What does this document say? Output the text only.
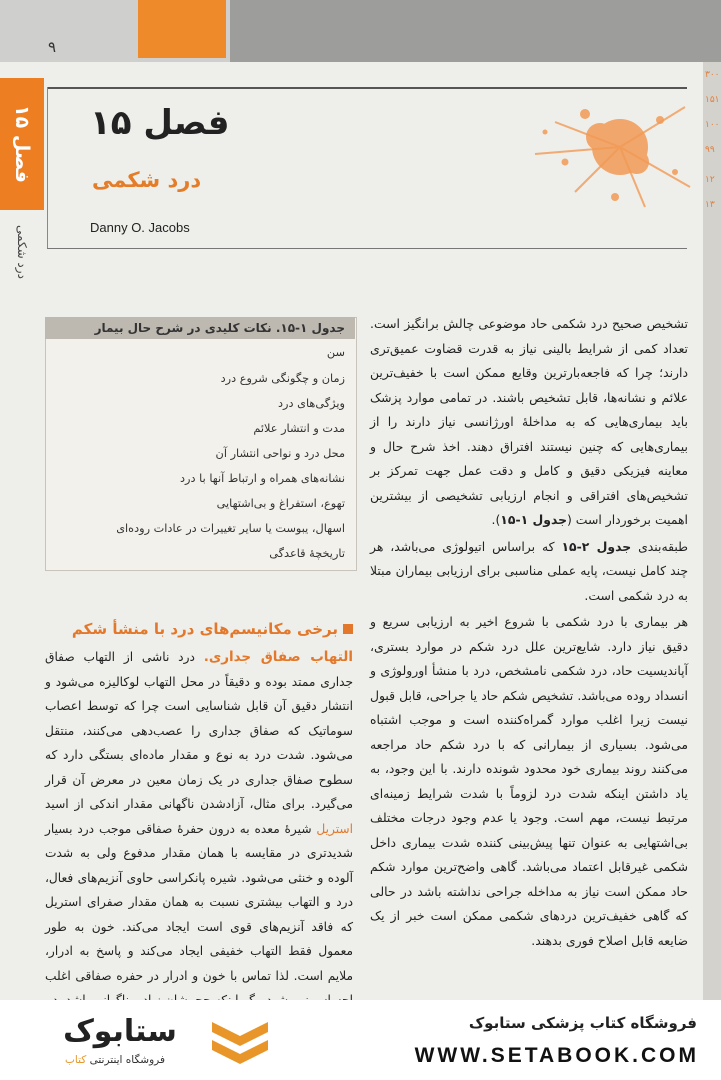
۹
۳۰۰
۱۵۱
۱۰۰
۹۹
۱۲
۱۳
فصل ۱۵
درد شکمی
فصل ۱۵
درد شکمی
Danny O. Jacobs

تشخیص صحیح درد شکمی حاد موضوعی چالش برانگیز است. تعداد کمی از شرایط بالینی نیاز به قدرت قضاوت عمیق‌تری دارند؛ چرا که فاجعه‌بارترین وقایع ممکن است با خفیف‌ترین علائم و نشانه‌ها، قابل تشخیص باشند. در تمامی موارد پزشک باید بیماری‌هایی که به مداخلهٔ اورژانسی نیاز دارند را از بیماری‌هایی که چنین نیستند افتراق دهند. اخذ شرح حال و معاینه فیزیکی دقیق و کامل و دقت عمل جهت تمرکز بر تشخیص‌های افتراقی و انجام ارزیابی تشخیصی از بیشترین اهمیت برخوردار است (جدول ۱-۱۵).

طبقه‌بندی جدول ۲-۱۵ که براساس اتیولوژی می‌باشد، هر چند کامل نیست، پایه عملی مناسبی برای ارزیابی بیماران مبتلا به درد شکمی است.

هر بیماری با درد شکمی با شروع اخیر به ارزیابی سریع و دقیق نیاز دارد. شایع‌ترین علل درد شکم در موارد بستری، آپاندیسیت حاد، درد شکمی نامشخص، درد با منشأ اورولوژی و انسداد روده می‌باشد. تشخیص شکم حاد یا جراحی، قابل قبول نیست زیرا اغلب موارد گمراه‌کننده است و موجب اشتباه می‌شود. بسیاری از بیمارانی که با درد شکم حاد مراجعه می‌کنند روند بیماری خود محدود شونده دارند. با این وجود، به یاد داشتن اینکه شدت درد لزوماً با شدت شرایط زمینه‌ای مرتبط نیست، مهم است. وجود یا عدم وجود درجات مختلف بی‌اشتهایی به عنوان تنها پیش‌بینی کننده شدت بیماری داخل شکمی غیرقابل اعتماد می‌باشد. گاهی واضح‌ترین موارد شکم حاد ممکن است نیاز به مداخله جراحی نداشته باشد در حالی که گاهی خفیف‌ترین دردهای شکمی ممکن است خبر از یک ضایعه قابل اصلاح فوری بدهند.

جدول ۱-۱۵. نکات کلیدی در شرح حال بیمار
سن
زمان و چگونگی شروع درد
ویژگی‌های درد
مدت و انتشار علائم
محل درد و نواحی انتشار آن
نشانه‌های همراه و ارتباط آنها با درد
تهوع، استفراغ و بی‌اشتهایی
اسهال، یبوست یا سایر تغییرات در عادات روده‌ای
تاریخچهٔ قاعدگی
برخی مکانیسم‌های درد با منشأ شکم

التهاب صفاق جداری. درد ناشی از التهاب صفاق جداری ممتد بوده و دقیقاً در محل التهاب لوکالیزه می‌شود و انتشار دقیق آن قابل شناسایی است چرا که توسط اعصاب سوماتیک که صفاق جداری را عصب‌دهی می‌کنند، منتقل می‌شود. شدت درد به نوع و مقدار ماده‌ای بستگی دارد که سطوح صفاق جداری در یک زمان معین در معرض آن قرار می‌گیرد. برای مثال، آزادشدن ناگهانی مقدار اندکی از اسید استریل شیرهٔ معده به درون حفرهٔ صفاقی موجب درد بسیار شدیدتری در مقایسه با همان مقدار مدفوع ولی به شدت آلوده و خنثی می‌شود. شیره پانکراسی حاوی آنزیم‌های فعال، درد و التهاب بیشتری نسبت به همان مقدار صفرای استریل که فاقد آنزیم‌های قوی است ایجاد می‌کند. خون به طور معمول فقط التهاب خفیفی ایجاد می‌کند و پاسخ به ادرار، ملایم است. لذا تماس با خون و ادرار در حفره صفاقی اغلب

فروشگاه کتاب پزشکی ستابوک
WWW.SETABOOK.COM
ستابوک
فروشگاه اینترنتی کتاب
